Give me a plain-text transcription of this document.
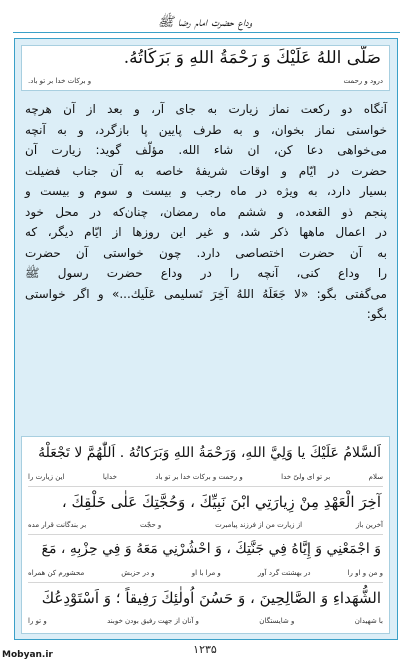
وداع حضرت امام رضا ﷺ
صَلَّى اللهُ عَلَيْكَ وَ رَحْمَةُ اللهِ وَ بَرَكَاتُهُ.
درود و رحمت
و برکات خدا بر تو باد.
آنگاه دو رکعت نماز زیارت به جای آر، و بعد از آن هرچه
خواستی نماز بخوان، و به طرف پایین پا بازگرد، و به آنچه
می‌خواهی دعا کن، ان شاء الله. مؤلّف گوید: زیارت آن
حضرت در ایّام و اوقات شریفهٔ خاصه به آن جناب فضیلت
بسیار دارد، به ویژه در ماه رجب و بیست و سوم و بیست و
پنجم ذو القعده، و ششم ماه رمضان، چنان‌که در محل خود
در اعمال ماهها ذکر شد، و غیر این روزها از ایّام دیگر، که
به آن حضرت اختصاصی دارد. چون خواستی آن حضرت
را وداع کنی، آنچه را در وداع حضرت رسول ﷺ
می‌گفتی بگو: «لا جَعَلَهُ اللهُ آخِرَ تَسلیمی عَلَیك...» و اگر خواستی
بگو:
اَلسَّلامُ عَلَيْكَ يا وَلِيَّ اللهِ، وَرَحْمَةُ اللهِ وَبَرَكاتُهُ . اَللّٰهُمَّ لا تَجْعَلْهُ
سلام
بر تو ای ولیّ خدا
و رحمت و برکات خدا بر تو باد
خدایا
این زیارت را
آخِرَ الْعَهْدِ مِنْ زِيارَتِي ابْنَ نَبِيِّكَ ، وَحُجَّتِكَ عَلٰى خَلْقِكَ ،
آخرین باز
از زیارت من از فرزند پیامبرت
و حجّت
بر بندگانت قرار مده
وَ اجْمَعْنِي وَ إِيَّاهُ فِي جَنَّتِكَ ، وَ احْشُرْنِي مَعَهُ وَ فِي حِزْبِهِ ، مَعَ
و من و او را
در بهشتت گرد آور
و مرا با او
و در حزبش
محشورم کن همراه
الشُّهَداءِ وَ الصَّالِحِينَ ، وَ حَسُنَ اُولٰئِكَ رَفِيقاً ؛ وَ اَسْتَوْدِعُكَ
با شهیدان
و شایستگان
و آنان از جهت رفیق بودن خوبند
و تو را
۱۲۳۵
Mobyan.ir
